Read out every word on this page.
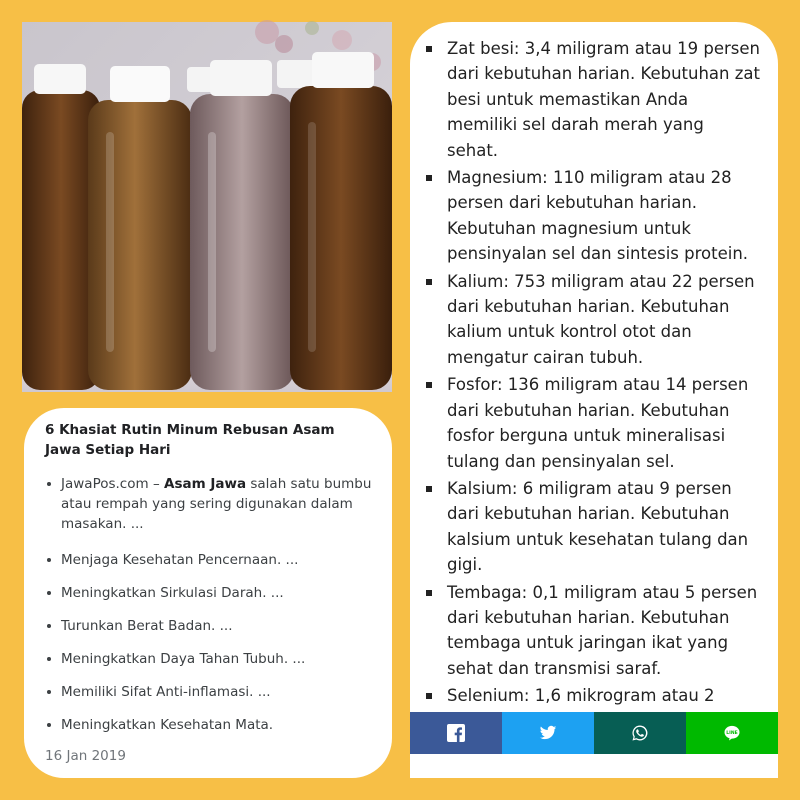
6 Khasiat Rutin Minum Rebusan Asam Jawa Setiap Hari
JawaPos.com – Asam Jawa salah satu bumbu atau rempah yang sering digunakan dalam masakan. ...
Menjaga Kesehatan Pencernaan. ...
Meningkatkan Sirkulasi Darah. ...
Turunkan Berat Badan. ...
Meningkatkan Daya Tahan Tubuh. ...
Memiliki Sifat Anti-inflamasi. ...
Meningkatkan Kesehatan Mata.
16 Jan 2019
Zat besi: 3,4 miligram atau 19 persen dari kebutuhan harian. Kebutuhan zat besi untuk memastikan Anda memiliki sel darah merah yang sehat.
Magnesium: 110 miligram atau 28 persen dari kebutuhan harian. Kebutuhan magnesium untuk pensinyalan sel dan sintesis protein.
Kalium: 753 miligram atau 22 persen dari kebutuhan harian. Kebutuhan kalium untuk kontrol otot dan mengatur cairan tubuh.
Fosfor: 136 miligram atau 14 persen dari kebutuhan harian. Kebutuhan fosfor berguna untuk mineralisasi tulang dan pensinyalan sel.
Kalsium: 6 miligram atau 9 persen dari kebutuhan harian. Kebutuhan kalsium untuk kesehatan tulang dan gigi.
Tembaga: 0,1 miligram atau 5 persen dari kebutuhan harian. Kebutuhan tembaga untuk jaringan ikat yang sehat dan transmisi saraf.
Selenium: 1,6 mikrogram atau 2
LINE
